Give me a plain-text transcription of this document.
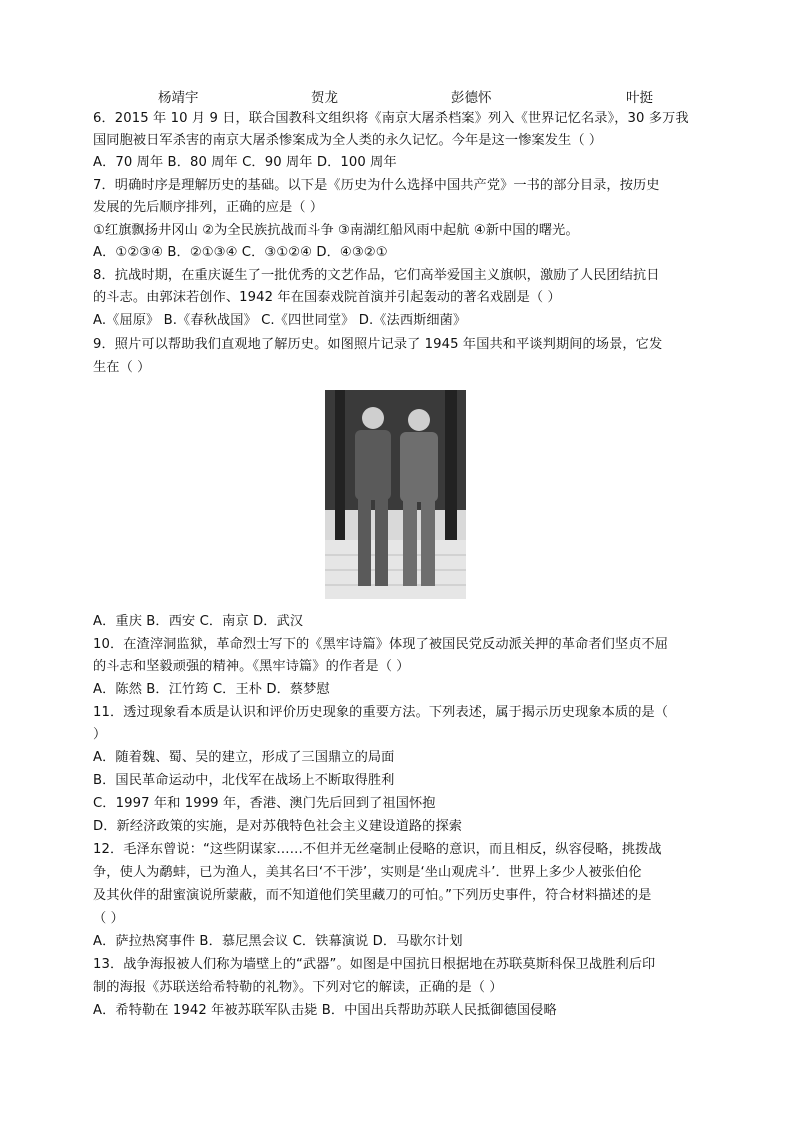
杨靖宇	贺龙	彭德怀	叶挺
6．2015 年 10 月 9 日，联合国教科文组织将《南京大屠杀档案》列入《世界记忆名录》，30 多万我
国同胞被日军杀害的南京大屠杀惨案成为全人类的永久记忆。今年是这一惨案发生（ ）
A．70 周年 B．80 周年 C．90 周年 D．100 周年
7．明确时序是理解历史的基础。以下是《历史为什么选择中国共产党》一书的部分目录，按历史
发展的先后顺序排列，正确的应是（ ）
①红旗飘扬井冈山 ②为全民族抗战而斗争 ③南湖红船风雨中起航 ④新中国的曙光。
A．①②③④ B．②①③④ C．③①②④ D．④③②①
8．抗战时期，在重庆诞生了一批优秀的文艺作品，它们高举爱国主义旗帜，激励了人民团结抗日
的斗志。由郭沫若创作、1942 年在国泰戏院首演并引起轰动的著名戏剧是（ ）
A.《屈原》 B.《春秋战国》 C.《四世同堂》 D.《法西斯细菌》
9．照片可以帮助我们直观地了解历史。如图照片记录了 1945 年国共和平谈判期间的场景，它发
生在（ ）
A．重庆 B．西安 C．南京 D．武汉
10．在渣滓洞监狱，革命烈士写下的《黑牢诗篇》体现了被国民党反动派关押的革命者们坚贞不屈
的斗志和坚毅顽强的精神。《黑牢诗篇》的作者是（ ）
A．陈然 B．江竹筠 C．王朴 D．蔡梦慰
11．透过现象看本质是认识和评价历史现象的重要方法。下列表述，属于揭示历史现象本质的是（
）
A．随着魏、蜀、吴的建立，形成了三国鼎立的局面
B．国民革命运动中，北伐军在战场上不断取得胜利
C．1997 年和 1999 年，香港、澳门先后回到了祖国怀抱
D．新经济政策的实施，是对苏俄特色社会主义建设道路的探索
12．毛泽东曾说：“这些阴谋家……不但并无丝毫制止侵略的意识，而且相反，纵容侵略，挑拨战
争，使人为鹬蚌，已为渔人，美其名曰‘不干涉’，实则是‘坐山观虎斗’．世界上多少人被张伯伦
及其伙伴的甜蜜演说所蒙蔽，而不知道他们笑里藏刀的可怕。”下列历史事件，符合材料描述的是
（ ）
A．萨拉热窝事件 B．慕尼黑会议 C．铁幕演说 D．马歇尔计划
13．战争海报被人们称为墙壁上的“武器”。如图是中国抗日根据地在苏联莫斯科保卫战胜利后印
制的海报《苏联送给希特勒的礼物》。下列对它的解读，正确的是（ ）
A．希特勒在 1942 年被苏联军队击毙 B．中国出兵帮助苏联人民抵御德国侵略
